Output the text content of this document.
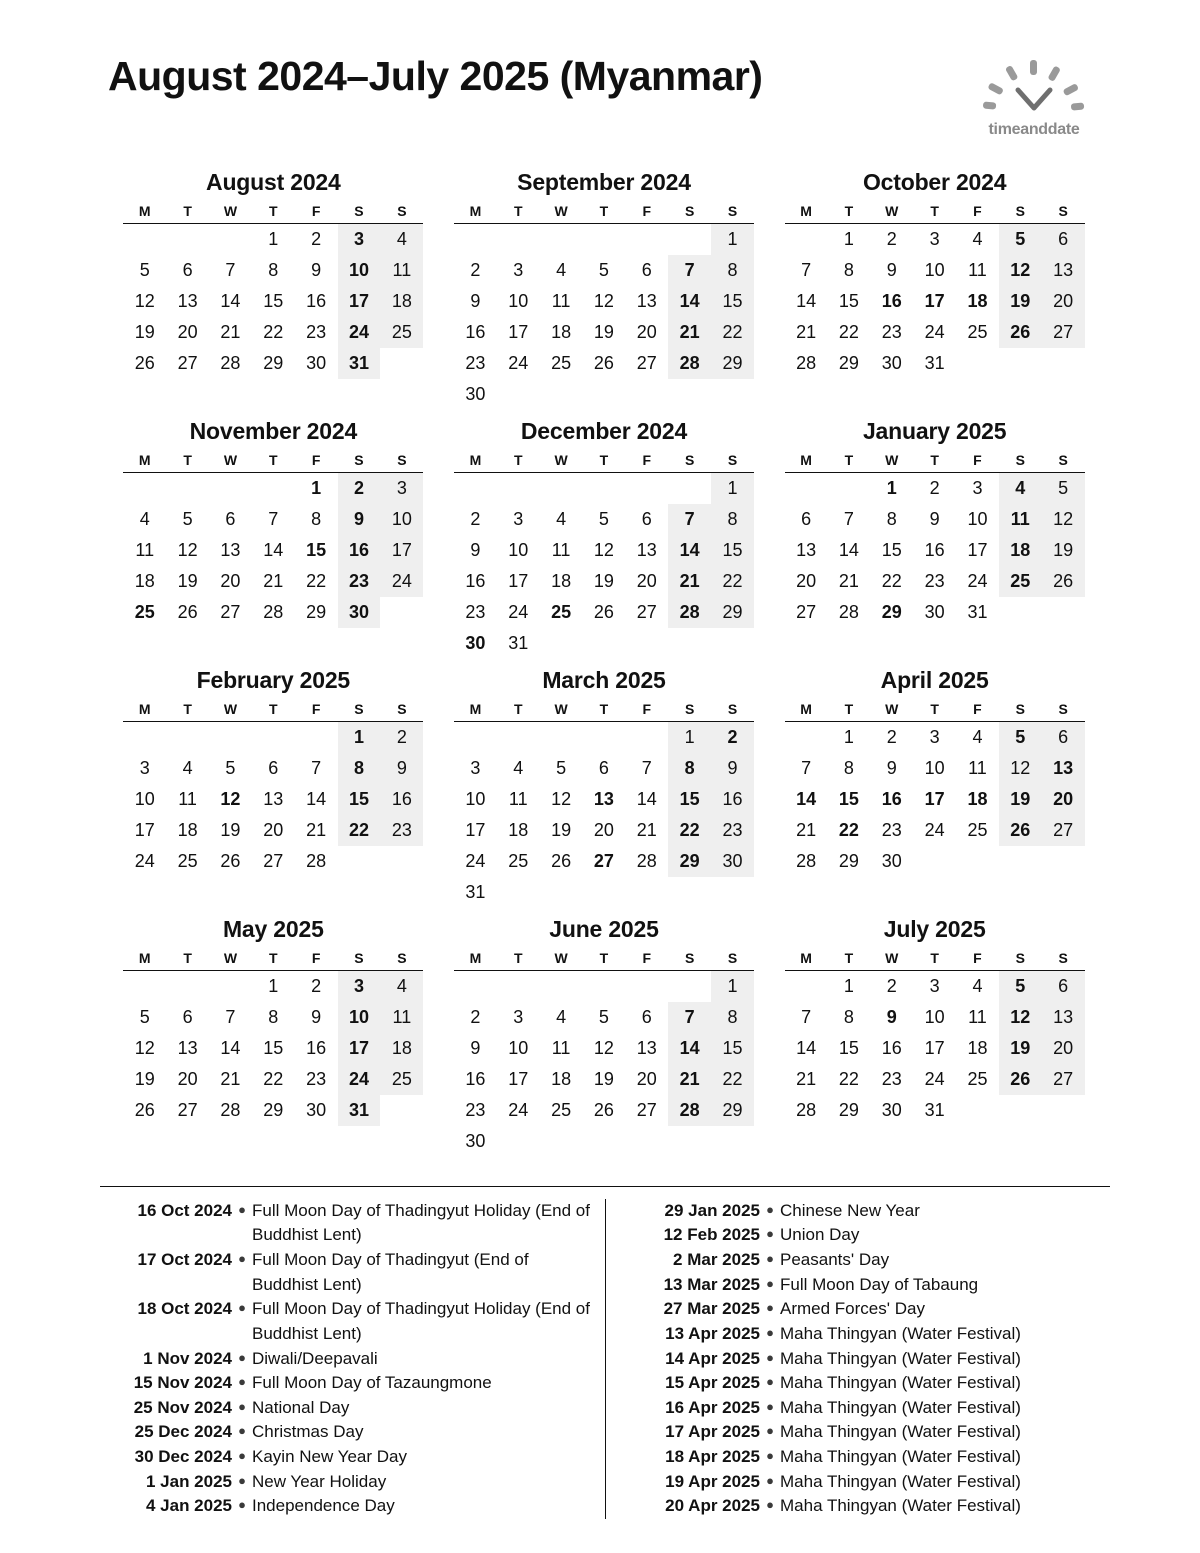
August 2024–July 2025 (Myanmar)
timeanddate
August 2024
M	T	W	T	F	S	S
			1	2	3	4
5	6	7	8	9	10	11
12	13	14	15	16	17	18
19	20	21	22	23	24	25
26	27	28	29	30	31	
September 2024
M	T	W	T	F	S	S
						1
2	3	4	5	6	7	8
9	10	11	12	13	14	15
16	17	18	19	20	21	22
23	24	25	26	27	28	29
30						
October 2024
M	T	W	T	F	S	S
	1	2	3	4	5	6
7	8	9	10	11	12	13
14	15	16	17	18	19	20
21	22	23	24	25	26	27
28	29	30	31			
November 2024
M	T	W	T	F	S	S
				1	2	3
4	5	6	7	8	9	10
11	12	13	14	15	16	17
18	19	20	21	22	23	24
25	26	27	28	29	30	
December 2024
M	T	W	T	F	S	S
						1
2	3	4	5	6	7	8
9	10	11	12	13	14	15
16	17	18	19	20	21	22
23	24	25	26	27	28	29
30	31					
January 2025
M	T	W	T	F	S	S
		1	2	3	4	5
6	7	8	9	10	11	12
13	14	15	16	17	18	19
20	21	22	23	24	25	26
27	28	29	30	31		
February 2025
M	T	W	T	F	S	S
					1	2
3	4	5	6	7	8	9
10	11	12	13	14	15	16
17	18	19	20	21	22	23
24	25	26	27	28		
March 2025
M	T	W	T	F	S	S
					1	2
3	4	5	6	7	8	9
10	11	12	13	14	15	16
17	18	19	20	21	22	23
24	25	26	27	28	29	30
31						
April 2025
M	T	W	T	F	S	S
	1	2	3	4	5	6
7	8	9	10	11	12	13
14	15	16	17	18	19	20
21	22	23	24	25	26	27
28	29	30				
May 2025
M	T	W	T	F	S	S
			1	2	3	4
5	6	7	8	9	10	11
12	13	14	15	16	17	18
19	20	21	22	23	24	25
26	27	28	29	30	31	
June 2025
M	T	W	T	F	S	S
						1
2	3	4	5	6	7	8
9	10	11	12	13	14	15
16	17	18	19	20	21	22
23	24	25	26	27	28	29
30						
July 2025
M	T	W	T	F	S	S
	1	2	3	4	5	6
7	8	9	10	11	12	13
14	15	16	17	18	19	20
21	22	23	24	25	26	27
28	29	30	31			
16 Oct 2024 ● Full Moon Day of Thadingyut Holiday (End of Buddhist Lent)
17 Oct 2024 ● Full Moon Day of Thadingyut (End of Buddhist Lent)
18 Oct 2024 ● Full Moon Day of Thadingyut Holiday (End of Buddhist Lent)
1 Nov 2024 ● Diwali/Deepavali
15 Nov 2024 ● Full Moon Day of Tazaungmone
25 Nov 2024 ● National Day
25 Dec 2024 ● Christmas Day
30 Dec 2024 ● Kayin New Year Day
1 Jan 2025 ● New Year Holiday
4 Jan 2025 ● Independence Day
29 Jan 2025 ● Chinese New Year
12 Feb 2025 ● Union Day
2 Mar 2025 ● Peasants' Day
13 Mar 2025 ● Full Moon Day of Tabaung
27 Mar 2025 ● Armed Forces' Day
13 Apr 2025 ● Maha Thingyan (Water Festival)
14 Apr 2025 ● Maha Thingyan (Water Festival)
15 Apr 2025 ● Maha Thingyan (Water Festival)
16 Apr 2025 ● Maha Thingyan (Water Festival)
17 Apr 2025 ● Maha Thingyan (Water Festival)
18 Apr 2025 ● Maha Thingyan (Water Festival)
19 Apr 2025 ● Maha Thingyan (Water Festival)
20 Apr 2025 ● Maha Thingyan (Water Festival)
